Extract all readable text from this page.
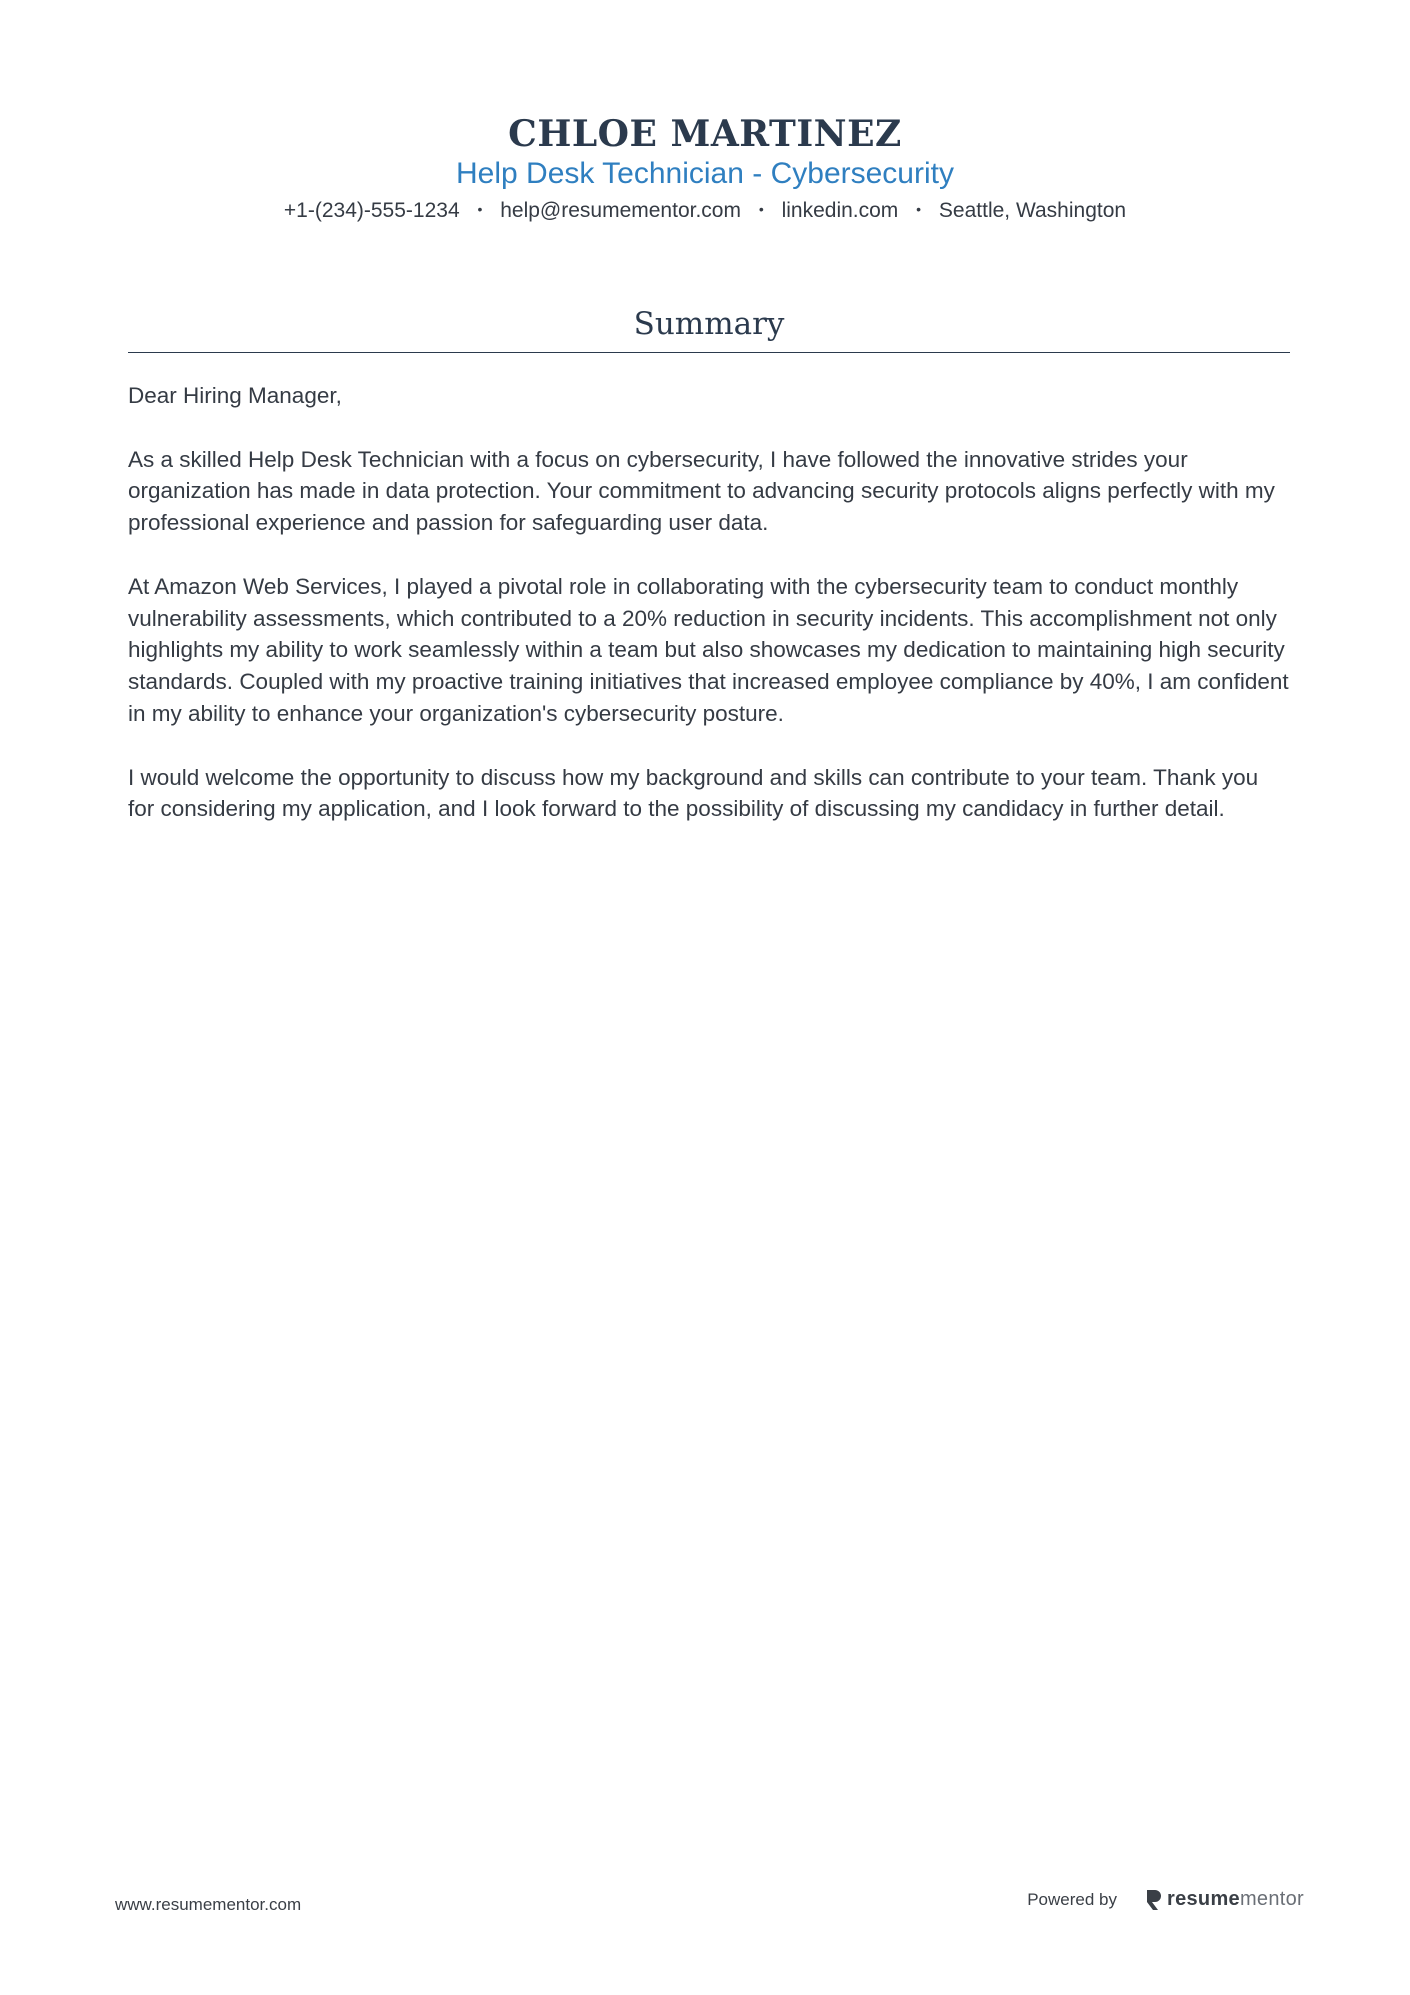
CHLOE MARTINEZ
Help Desk Technician - Cybersecurity
+1-(234)-555-1234 • help@resumementor.com • linkedin.com • Seattle, Washington
Summary

Dear Hiring Manager,

As a skilled Help Desk Technician with a focus on cybersecurity, I have followed the innovative strides your organization has made in data protection. Your commitment to advancing security protocols aligns perfectly with my professional experience and passion for safeguarding user data.

At Amazon Web Services, I played a pivotal role in collaborating with the cybersecurity team to conduct monthly vulnerability assessments, which contributed to a 20% reduction in security incidents. This accomplishment not only highlights my ability to work seamlessly within a team but also showcases my dedication to maintaining high security standards. Coupled with my proactive training initiatives that increased employee compliance by 40%, I am confident in my ability to enhance your organization's cybersecurity posture.

I would welcome the opportunity to discuss how my background and skills can contribute to your team. Thank you for considering my application, and I look forward to the possibility of discussing my candidacy in further detail.

www.resumementor.com	Powered by	resume mentor
